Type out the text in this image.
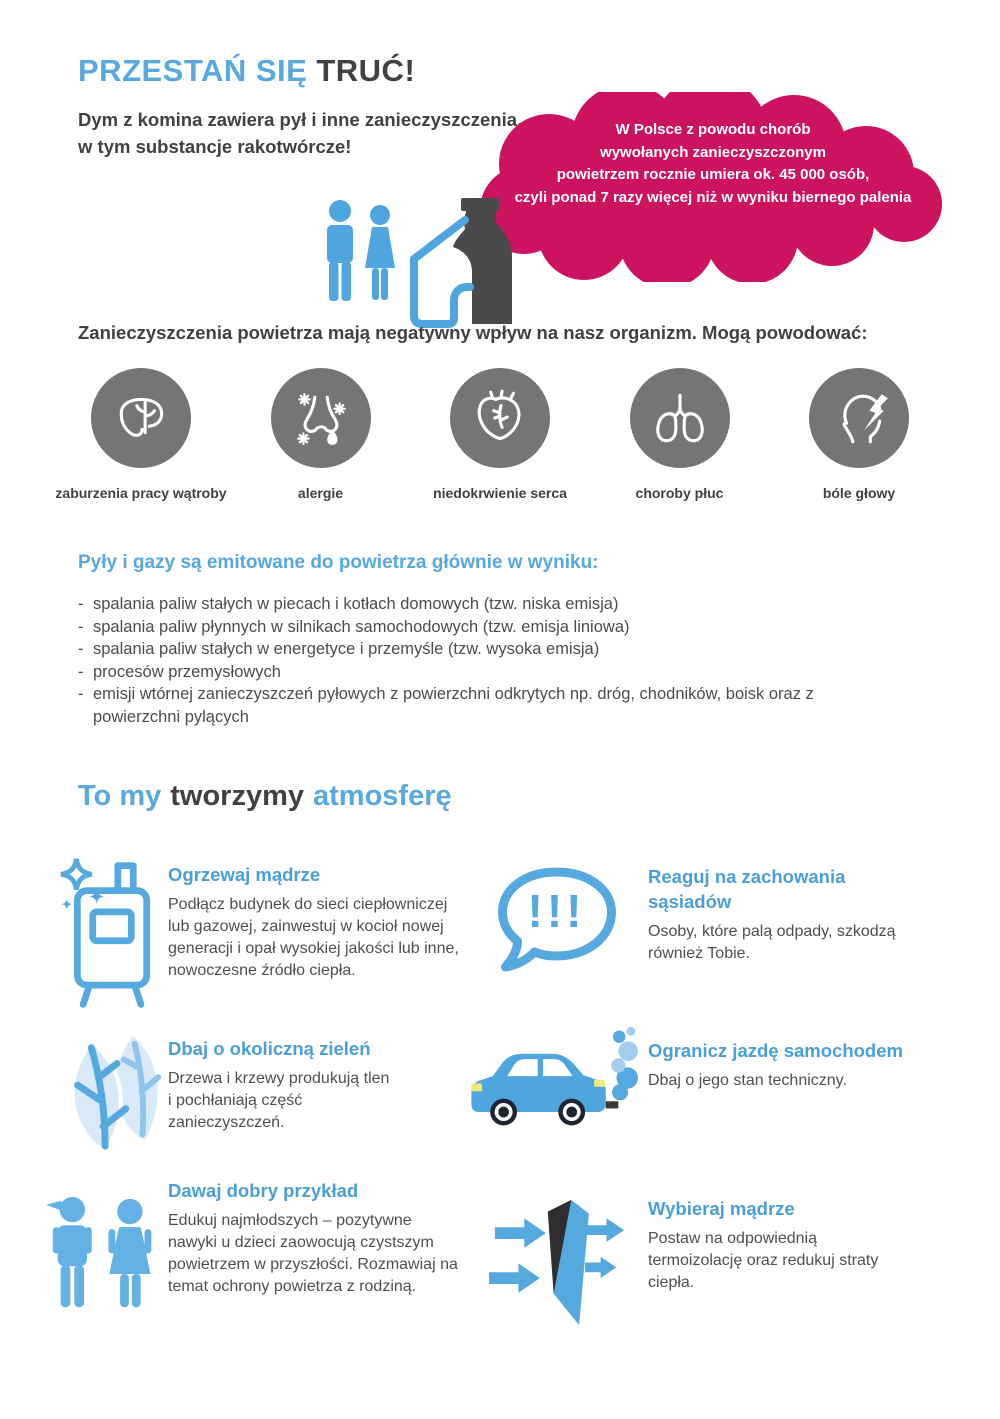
PRZESTAŃ SIĘ TRUĆ!

Dym z komina zawiera pył i inne zanieczyszczenia,
w tym substancje rakotwórcze!

W Polsce z powodu chorób
wywołanych zanieczyszczonym
powietrzem rocznie umiera ok. 45 000 osób,
czyli ponad 7 razy więcej niż w wyniku biernego palenia
Zanieczyszczenia powietrza mają negatywny wpływ na nasz organizm. Mogą powodować:
zaburzenia pracy wątroby	alergie	niedokrwienie serca	choroby płuc	bóle głowy
Pyły i gazy są emitowane do powietrza głównie w wyniku:
- spalania paliw stałych w piecach i kotłach domowych (tzw. niska emisja)
- spalania paliw płynnych w silnikach samochodowych (tzw. emisja liniowa)
- spalania paliw stałych w energetyce i przemyśle (tzw. wysoka emisja)
- procesów przemysłowych
- emisji wtórnej zanieczyszczeń pyłowych z powierzchni odkrytych np. dróg, chodników, boisk oraz z powierzchni pylących
To my tworzymy atmosferę
Ogrzewaj mądrze

Podłącz budynek do sieci ciepłowniczej lub gazowej, zainwestuj w kocioł nowej generacji i opał wysokiej jakości lub inne, nowoczesne źródło ciepła.

!!!
Reaguj na zachowania sąsiadów

Osoby, które palą odpady, szkodzą również Tobie.

Dbaj o okoliczną zieleń

Drzewa i krzewy produkują tlen i pochłaniają część zanieczyszczeń.

Ogranicz jazdę samochodem

Dbaj o jego stan techniczny.

Dawaj dobry przykład

Edukuj najmłodszych – pozytywne nawyki u dzieci zaowocują czystszym powietrzem w przyszłości. Rozmawiaj na temat ochrony powietrza z rodziną.

Wybieraj mądrze

Postaw na odpowiednią termoizolację oraz redukuj straty ciepła.
